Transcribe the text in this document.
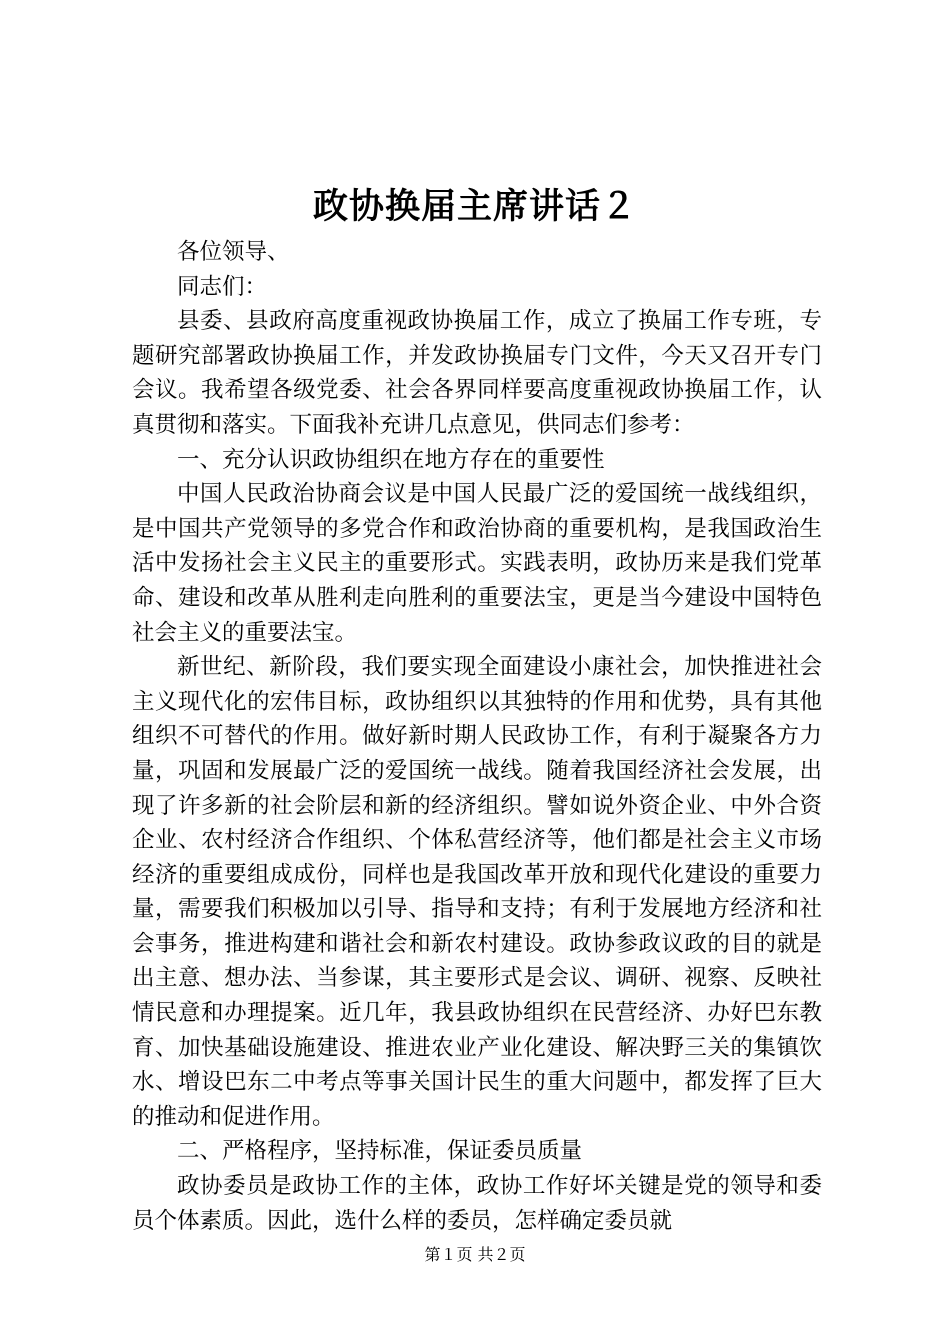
政协换届主席讲话２

各位领导、

同志们：

县委、县政府高度重视政协换届工作，成立了换届工作专班，专题研究部署政协换届工作，并发政协换届专门文件，今天又召开专门会议。我希望各级党委、社会各界同样要高度重视政协换届工作，认真贯彻和落实。下面我补充讲几点意见，供同志们参考：

一、充分认识政协组织在地方存在的重要性

中国人民政治协商会议是中国人民最广泛的爱国统一战线组织，是中国共产党领导的多党合作和政治协商的重要机构，是我国政治生活中发扬社会主义民主的重要形式。实践表明，政协历来是我们党革命、建设和改革从胜利走向胜利的重要法宝，更是当今建设中国特色社会主义的重要法宝。

新世纪、新阶段，我们要实现全面建设小康社会，加快推进社会主义现代化的宏伟目标，政协组织以其独特的作用和优势，具有其他组织不可替代的作用。做好新时期人民政协工作，有利于凝聚各方力量，巩固和发展最广泛的爱国统一战线。随着我国经济社会发展，出现了许多新的社会阶层和新的经济组织。譬如说外资企业、中外合资企业、农村经济合作组织、个体私营经济等，他们都是社会主义市场经济的重要组成成份，同样也是我国改革开放和现代化建设的重要力量，需要我们积极加以引导、指导和支持；有利于发展地方经济和社会事务，推进构建和谐社会和新农村建设。政协参政议政的目的就是出主意、想办法、当参谋，其主要形式是会议、调研、视察、反映社情民意和办理提案。近几年，我县政协组织在民营经济、办好巴东教育、加快基础设施建设、推进农业产业化建设、解决野三关的集镇饮水、增设巴东二中考点等事关国计民生的重大问题中，都发挥了巨大的推动和促进作用。

二、严格程序，坚持标准，保证委员质量

政协委员是政协工作的主体，政协工作好坏关键是党的领导和委员个体素质。因此，选什么样的委员，怎样确定委员就

第１页 共２页
